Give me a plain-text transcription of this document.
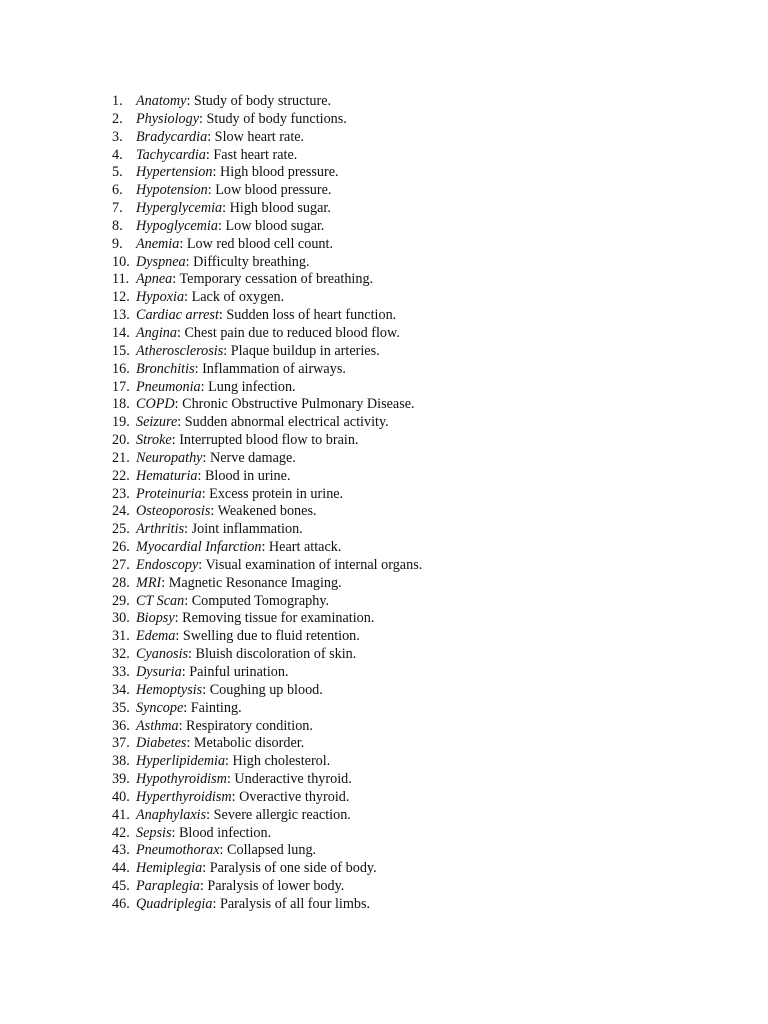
1. Anatomy: Study of body structure.
2. Physiology: Study of body functions.
3. Bradycardia: Slow heart rate.
4. Tachycardia: Fast heart rate.
5. Hypertension: High blood pressure.
6. Hypotension: Low blood pressure.
7. Hyperglycemia: High blood sugar.
8. Hypoglycemia: Low blood sugar.
9. Anemia: Low red blood cell count.
10. Dyspnea: Difficulty breathing.
11. Apnea: Temporary cessation of breathing.
12. Hypoxia: Lack of oxygen.
13. Cardiac arrest: Sudden loss of heart function.
14. Angina: Chest pain due to reduced blood flow.
15. Atherosclerosis: Plaque buildup in arteries.
16. Bronchitis: Inflammation of airways.
17. Pneumonia: Lung infection.
18. COPD: Chronic Obstructive Pulmonary Disease.
19. Seizure: Sudden abnormal electrical activity.
20. Stroke: Interrupted blood flow to brain.
21. Neuropathy: Nerve damage.
22. Hematuria: Blood in urine.
23. Proteinuria: Excess protein in urine.
24. Osteoporosis: Weakened bones.
25. Arthritis: Joint inflammation.
26. Myocardial Infarction: Heart attack.
27. Endoscopy: Visual examination of internal organs.
28. MRI: Magnetic Resonance Imaging.
29. CT Scan: Computed Tomography.
30. Biopsy: Removing tissue for examination.
31. Edema: Swelling due to fluid retention.
32. Cyanosis: Bluish discoloration of skin.
33. Dysuria: Painful urination.
34. Hemoptysis: Coughing up blood.
35. Syncope: Fainting.
36. Asthma: Respiratory condition.
37. Diabetes: Metabolic disorder.
38. Hyperlipidemia: High cholesterol.
39. Hypothyroidism: Underactive thyroid.
40. Hyperthyroidism: Overactive thyroid.
41. Anaphylaxis: Severe allergic reaction.
42. Sepsis: Blood infection.
43. Pneumothorax: Collapsed lung.
44. Hemiplegia: Paralysis of one side of body.
45. Paraplegia: Paralysis of lower body.
46. Quadriplegia: Paralysis of all four limbs.
